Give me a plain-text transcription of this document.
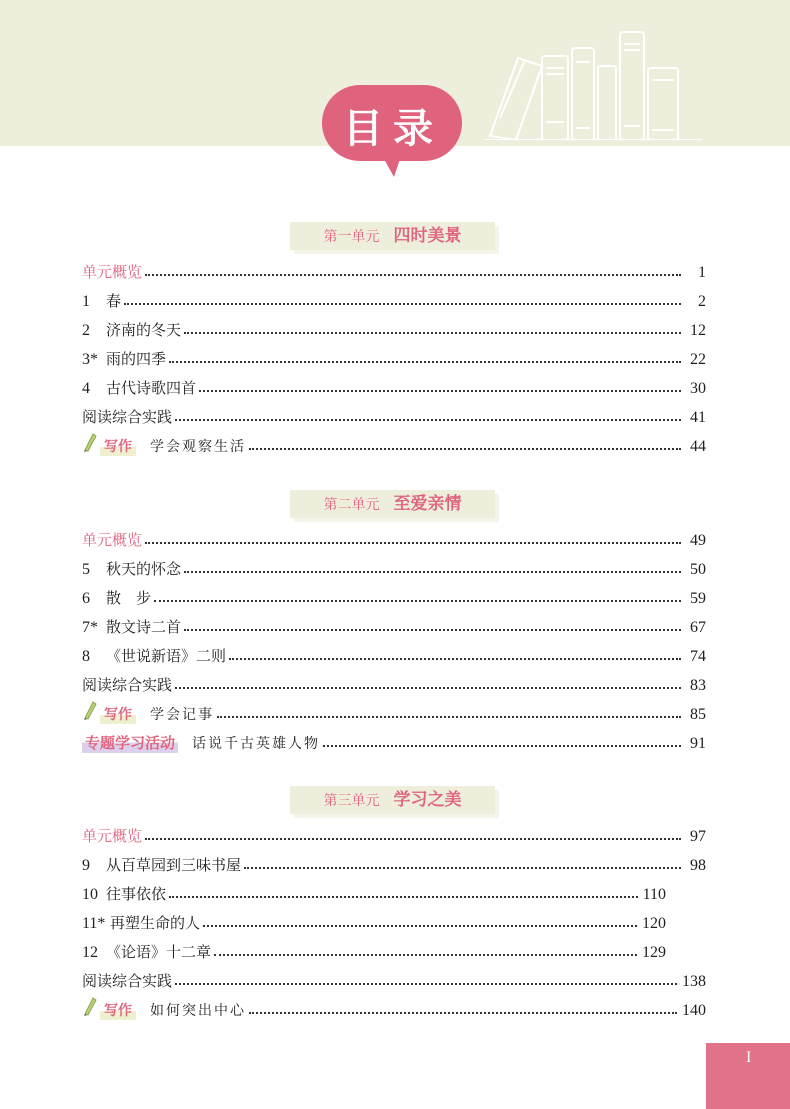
目录
第一单元 四时美景
单元概览	1
1	春	2
2	济南的冬天	12
3* 雨的四季	22
4	古代诗歌四首	30
阅读综合实践	41
写作 学会观察生活	44
第二单元 至爱亲情
单元概览	49
5	秋天的怀念	50
6	散　步	59
7* 散文诗二首	67
8	《世说新语》二则	74
阅读综合实践	83
写作 学会记事	85
专题学习活动 话说千古英雄人物	91
第三单元 学习之美
单元概览	97
9	从百草园到三味书屋	98
10 往事依依	110
11* 再塑生命的人	120
12 《论语》十二章	129
阅读综合实践	138
写作 如何突出中心	140
I
